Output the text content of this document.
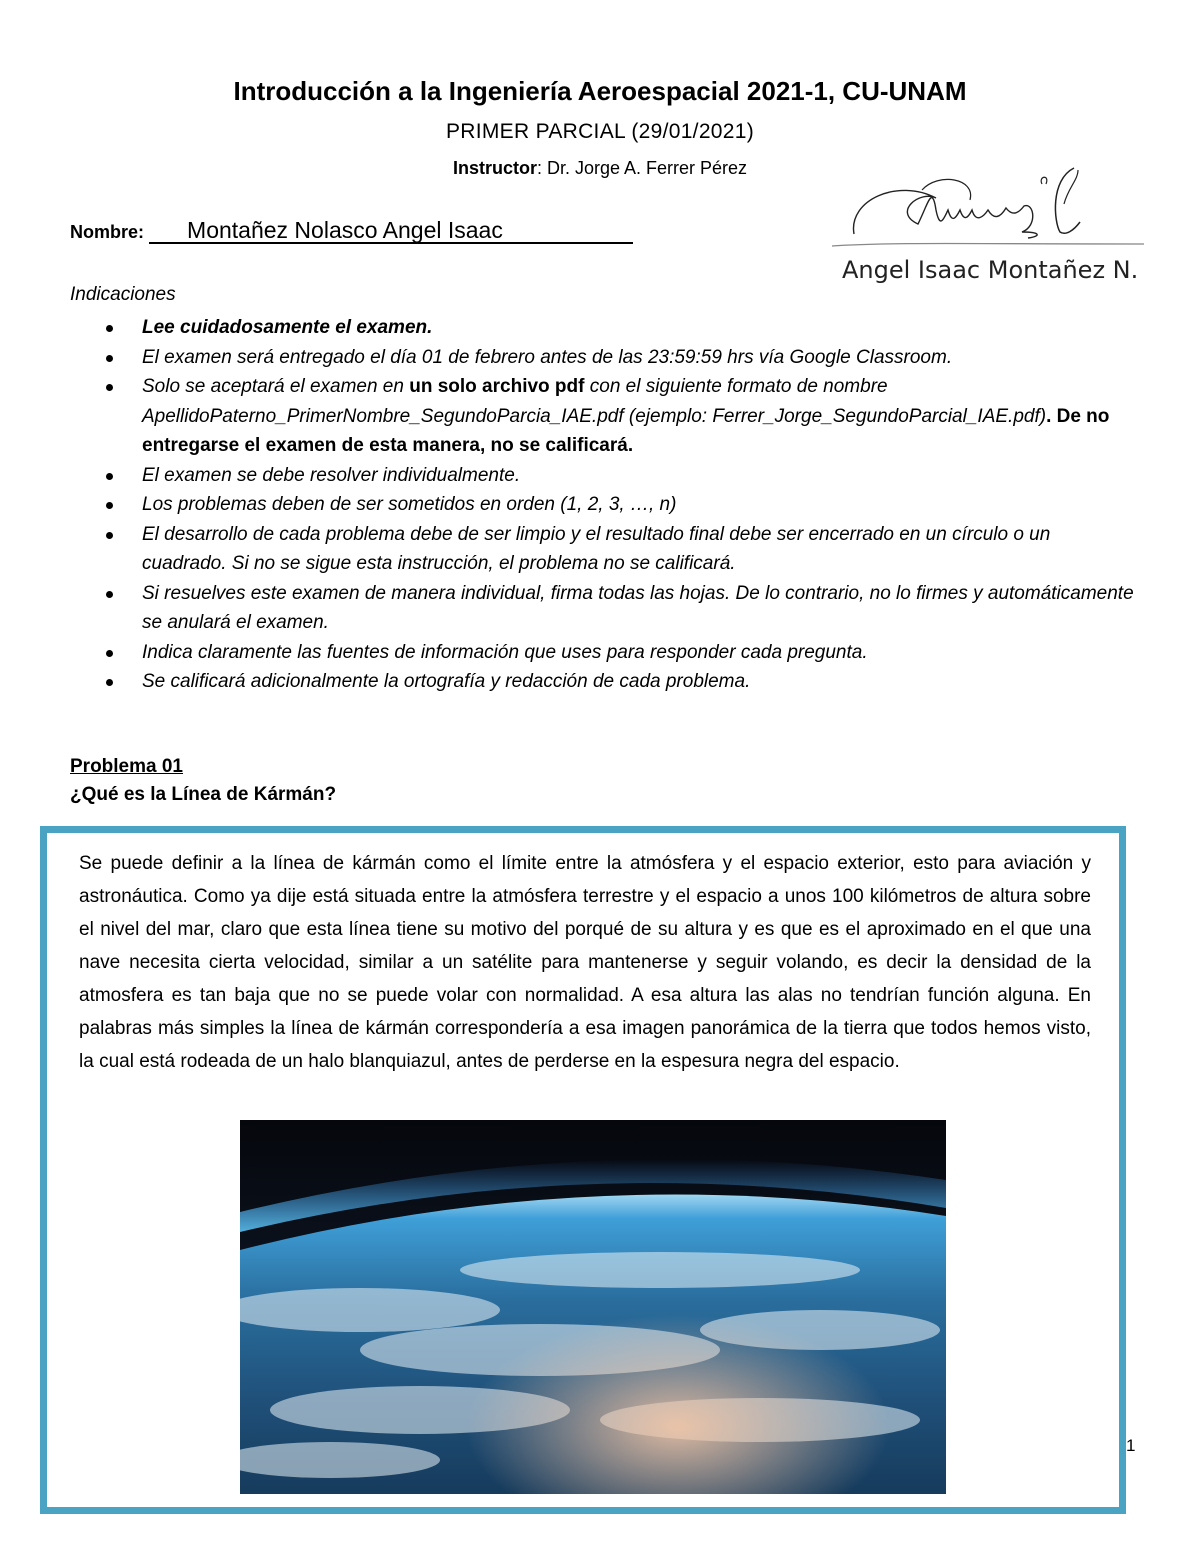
Introducción a la Ingeniería Aeroespacial 2021-1, CU-UNAM
PRIMER PARCIAL (29/01/2021)
Instructor: Dr. Jorge A. Ferrer Pérez
Nombre: Montañez Nolasco Angel Isaac
Angel Isaac Montañez N.
Indicaciones
Lee cuidadosamente el examen.
El examen será entregado el día 01 de febrero antes de las 23:59:59 hrs vía Google Classroom.
Solo se aceptará el examen en un solo archivo pdf con el siguiente formato de nombre ApellidoPaterno_PrimerNombre_SegundoParcia_IAE.pdf (ejemplo: Ferrer_Jorge_SegundoParcial_IAE.pdf). De no entregarse el examen de esta manera, no se calificará.
El examen se debe resolver individualmente.
Los problemas deben de ser sometidos en orden (1, 2, 3, …, n)
El desarrollo de cada problema debe de ser limpio y el resultado final debe ser encerrado en un círculo o un cuadrado. Si no se sigue esta instrucción, el problema no se calificará.
Si resuelves este examen de manera individual, firma todas las hojas. De lo contrario, no lo firmes y automáticamente se anulará el examen.
Indica claramente las fuentes de información que uses para responder cada pregunta.
Se calificará adicionalmente la ortografía y redacción de cada problema.
Problema 01
¿Qué es la Línea de Kármán?

Se puede definir a la línea de kármán como el límite entre la atmósfera y el espacio exterior, esto para aviación y astronáutica. Como ya dije está situada entre la atmósfera terrestre y el espacio a unos 100 kilómetros de altura sobre el nivel del mar, claro que esta línea tiene su motivo del porqué de su altura y es que es el aproximado en el que una nave necesita cierta velocidad, similar a un satélite para mantenerse y seguir volando, es decir la densidad de la atmosfera es tan baja que no se puede volar con normalidad. A esa altura las alas no tendrían función alguna. En palabras más simples la línea de kármán correspondería a esa imagen panorámica de la tierra que todos hemos visto, la cual está rodeada de un halo blanquiazul, antes de perderse en la espesura negra del espacio.

1
